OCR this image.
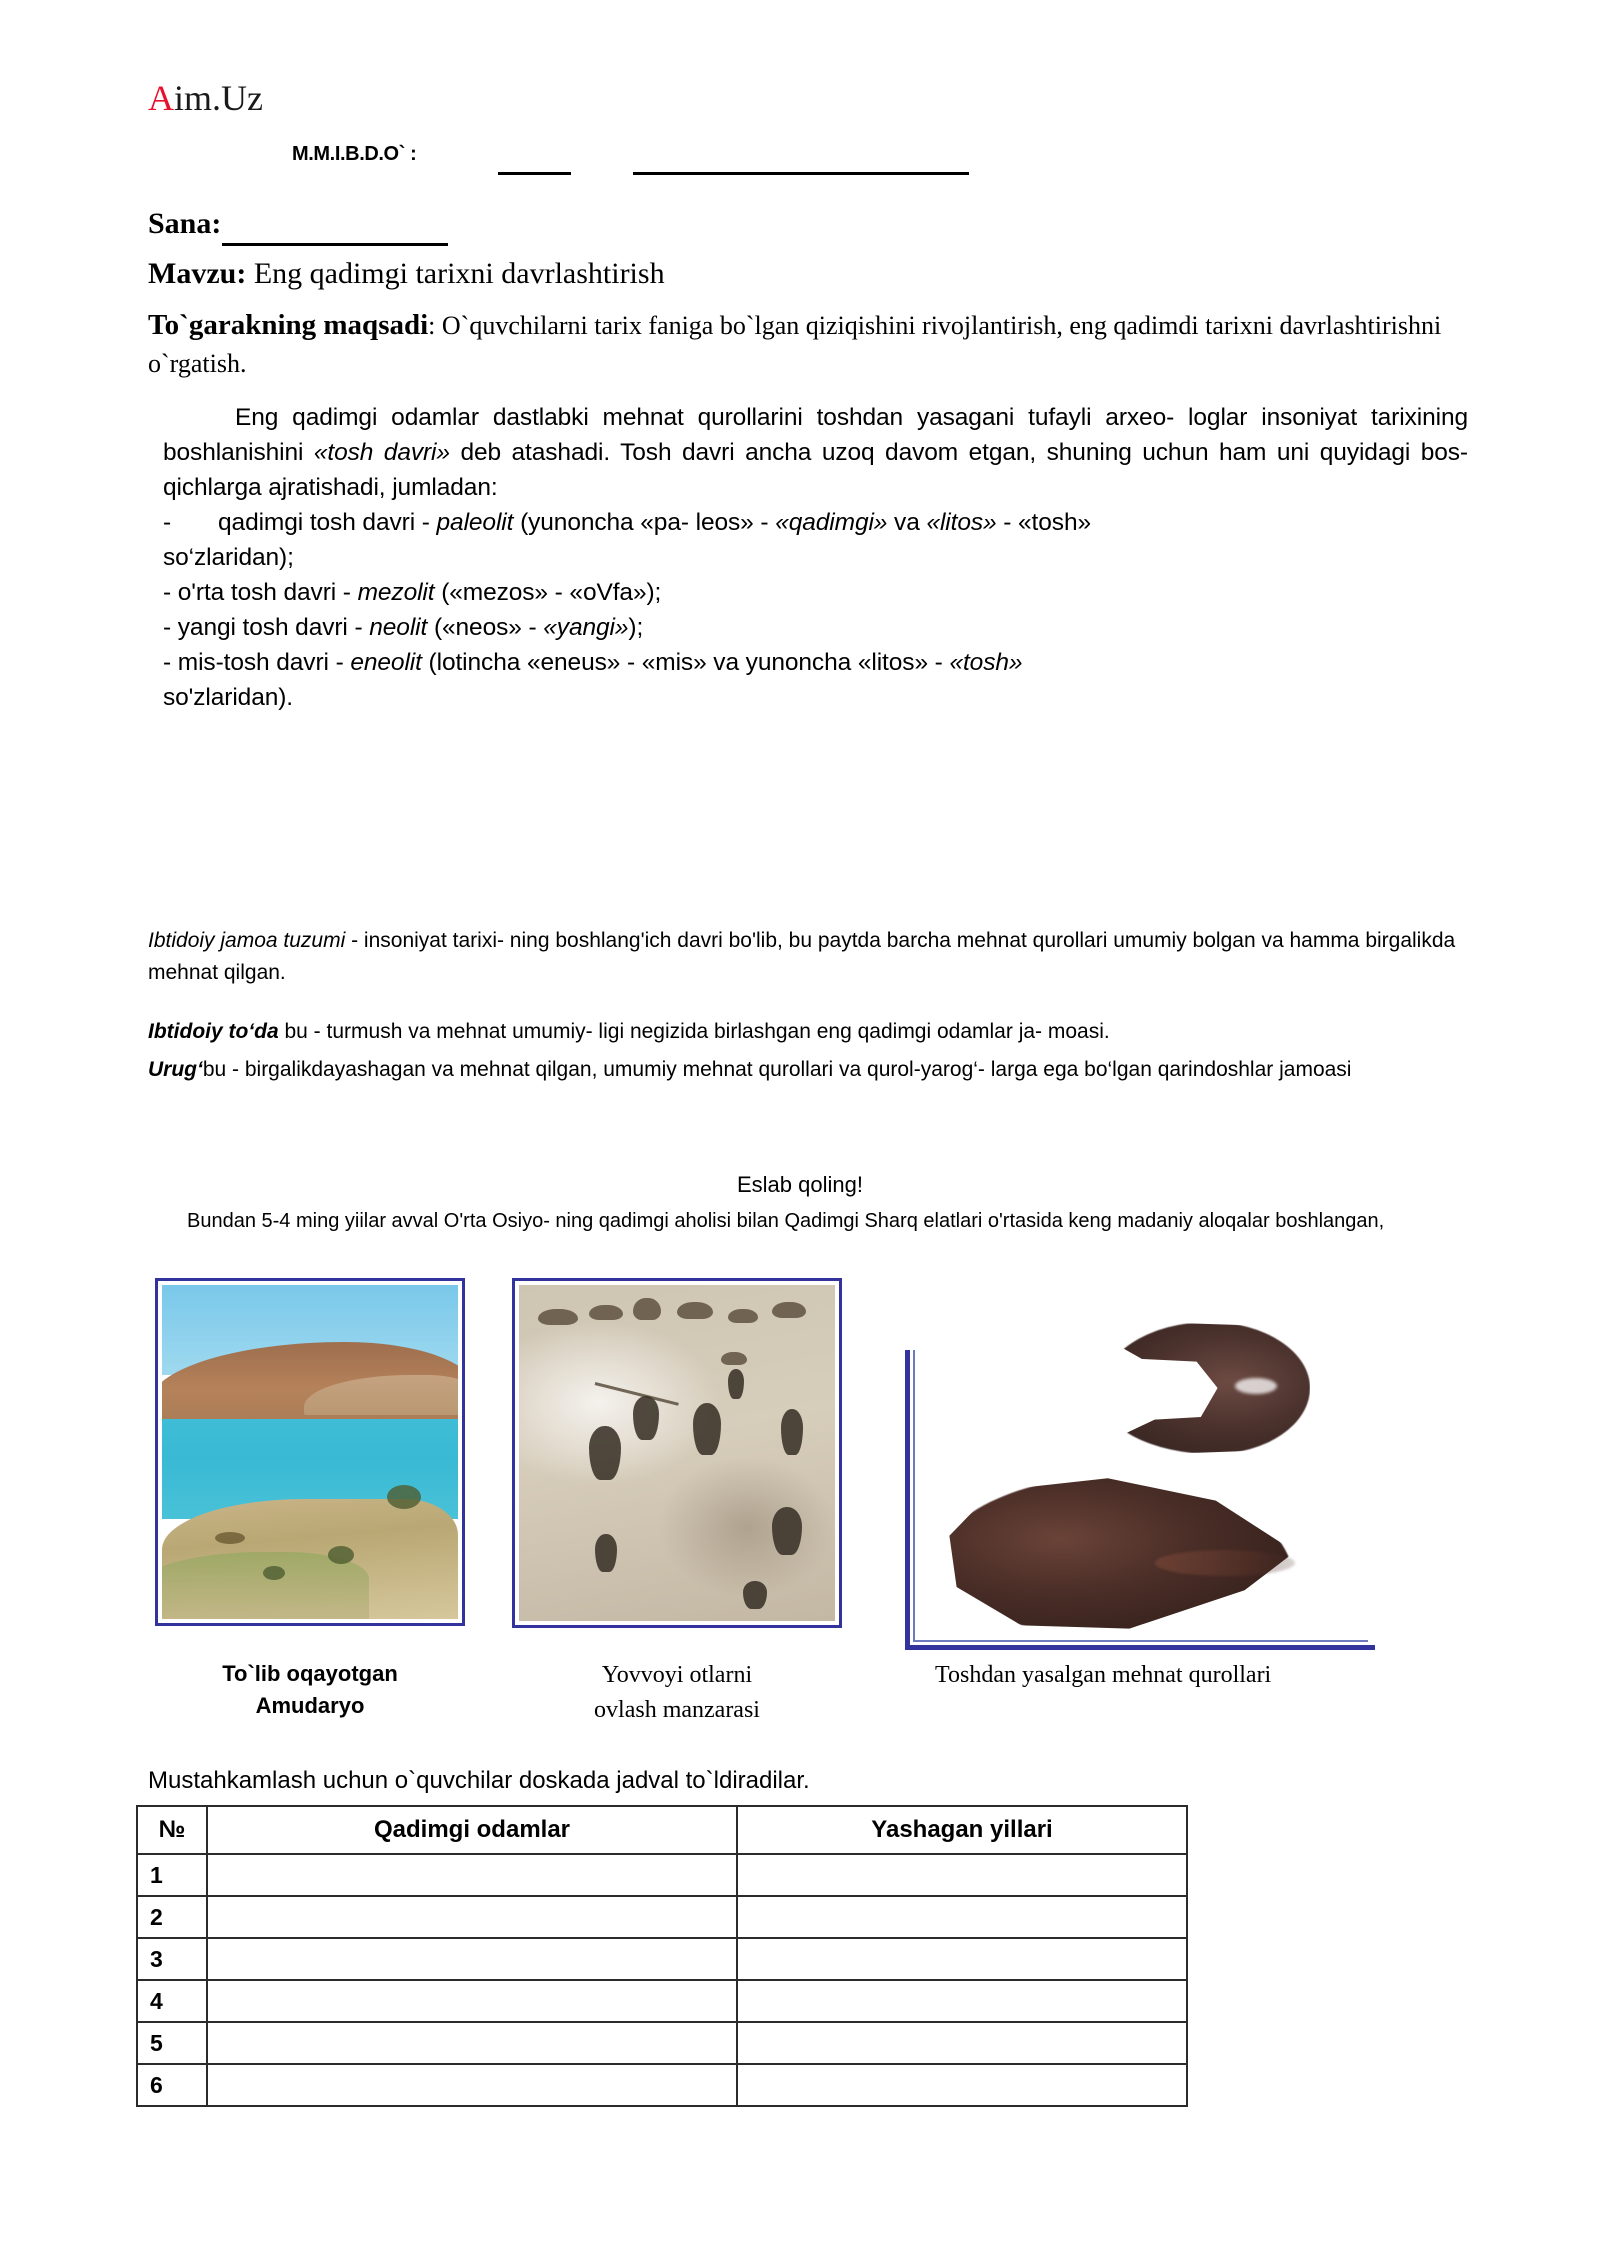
Aim.Uz
M.M.I.B.D.O` :
Sana:
Mavzu: Eng qadimgi tarixni davrlashtirish
To`garakning maqsadi: O`quvchilarni tarix faniga bo`lgan qiziqishini rivojlantirish, eng qadimdi tarixni davrlashtirishni o`rgatish.

Eng qadimgi odamlar dastlabki mehnat qurollarini toshdan yasagani tufayli arxeo- loglar insoniyat tarixining boshlanishini «tosh davri» deb atashadi. Tosh davri ancha uzoq davom etgan, shuning uchun ham uni quyidagi bos- qichlarga ajratishadi, jumladan:

- qadimgi tosh davri - paleolit (yunoncha «pa- leos» - «qadimgi» va «litos» - «tosh»

so‘zlaridan);

- o'rta tosh davri - mezolit («mezos» - «oVfa»);
- yangi tosh davri - neolit («neos» - «yangi»);
- mis-tosh davri - eneolit (lotincha «eneus» - «mis» va yunoncha «litos» - «tosh»

so'zlaridan).

Ibtidoiy jamoa tuzumi - insoniyat tarixi- ning boshlang'ich davri bo'lib, bu paytda barcha mehnat qurollari umumiy bolgan va hamma birgalikda mehnat qilgan.

Ibtidoiy to‘da bu - turmush va mehnat umumiy- ligi negizida birlashgan eng qadimgi odamlar ja- moasi.

Urug‘bu - birgalikdayashagan va mehnat qilgan, umumiy mehnat qurollari va qurol-yarog‘- larga ega bo‘lgan qarindoshlar jamoasi

Eslab qoling!
Bundan 5-4 ming yiilar avval O'rta Osiyo- ning qadimgi aholisi bilan Qadimgi Sharq elatlari o'rtasida keng madaniy aloqalar boshlangan,
To`lib oqayotgan
Amudaryo
Yovvoyi otlarni
ovlash manzarasi
Toshdan yasalgan mehnat qurollari
Mustahkamlash uchun o`quvchilar doskada jadval to`ldiradilar.
№	Qadimgi odamlar	Yashagan yillari
1		
2		
3		
4		
5		
6		
